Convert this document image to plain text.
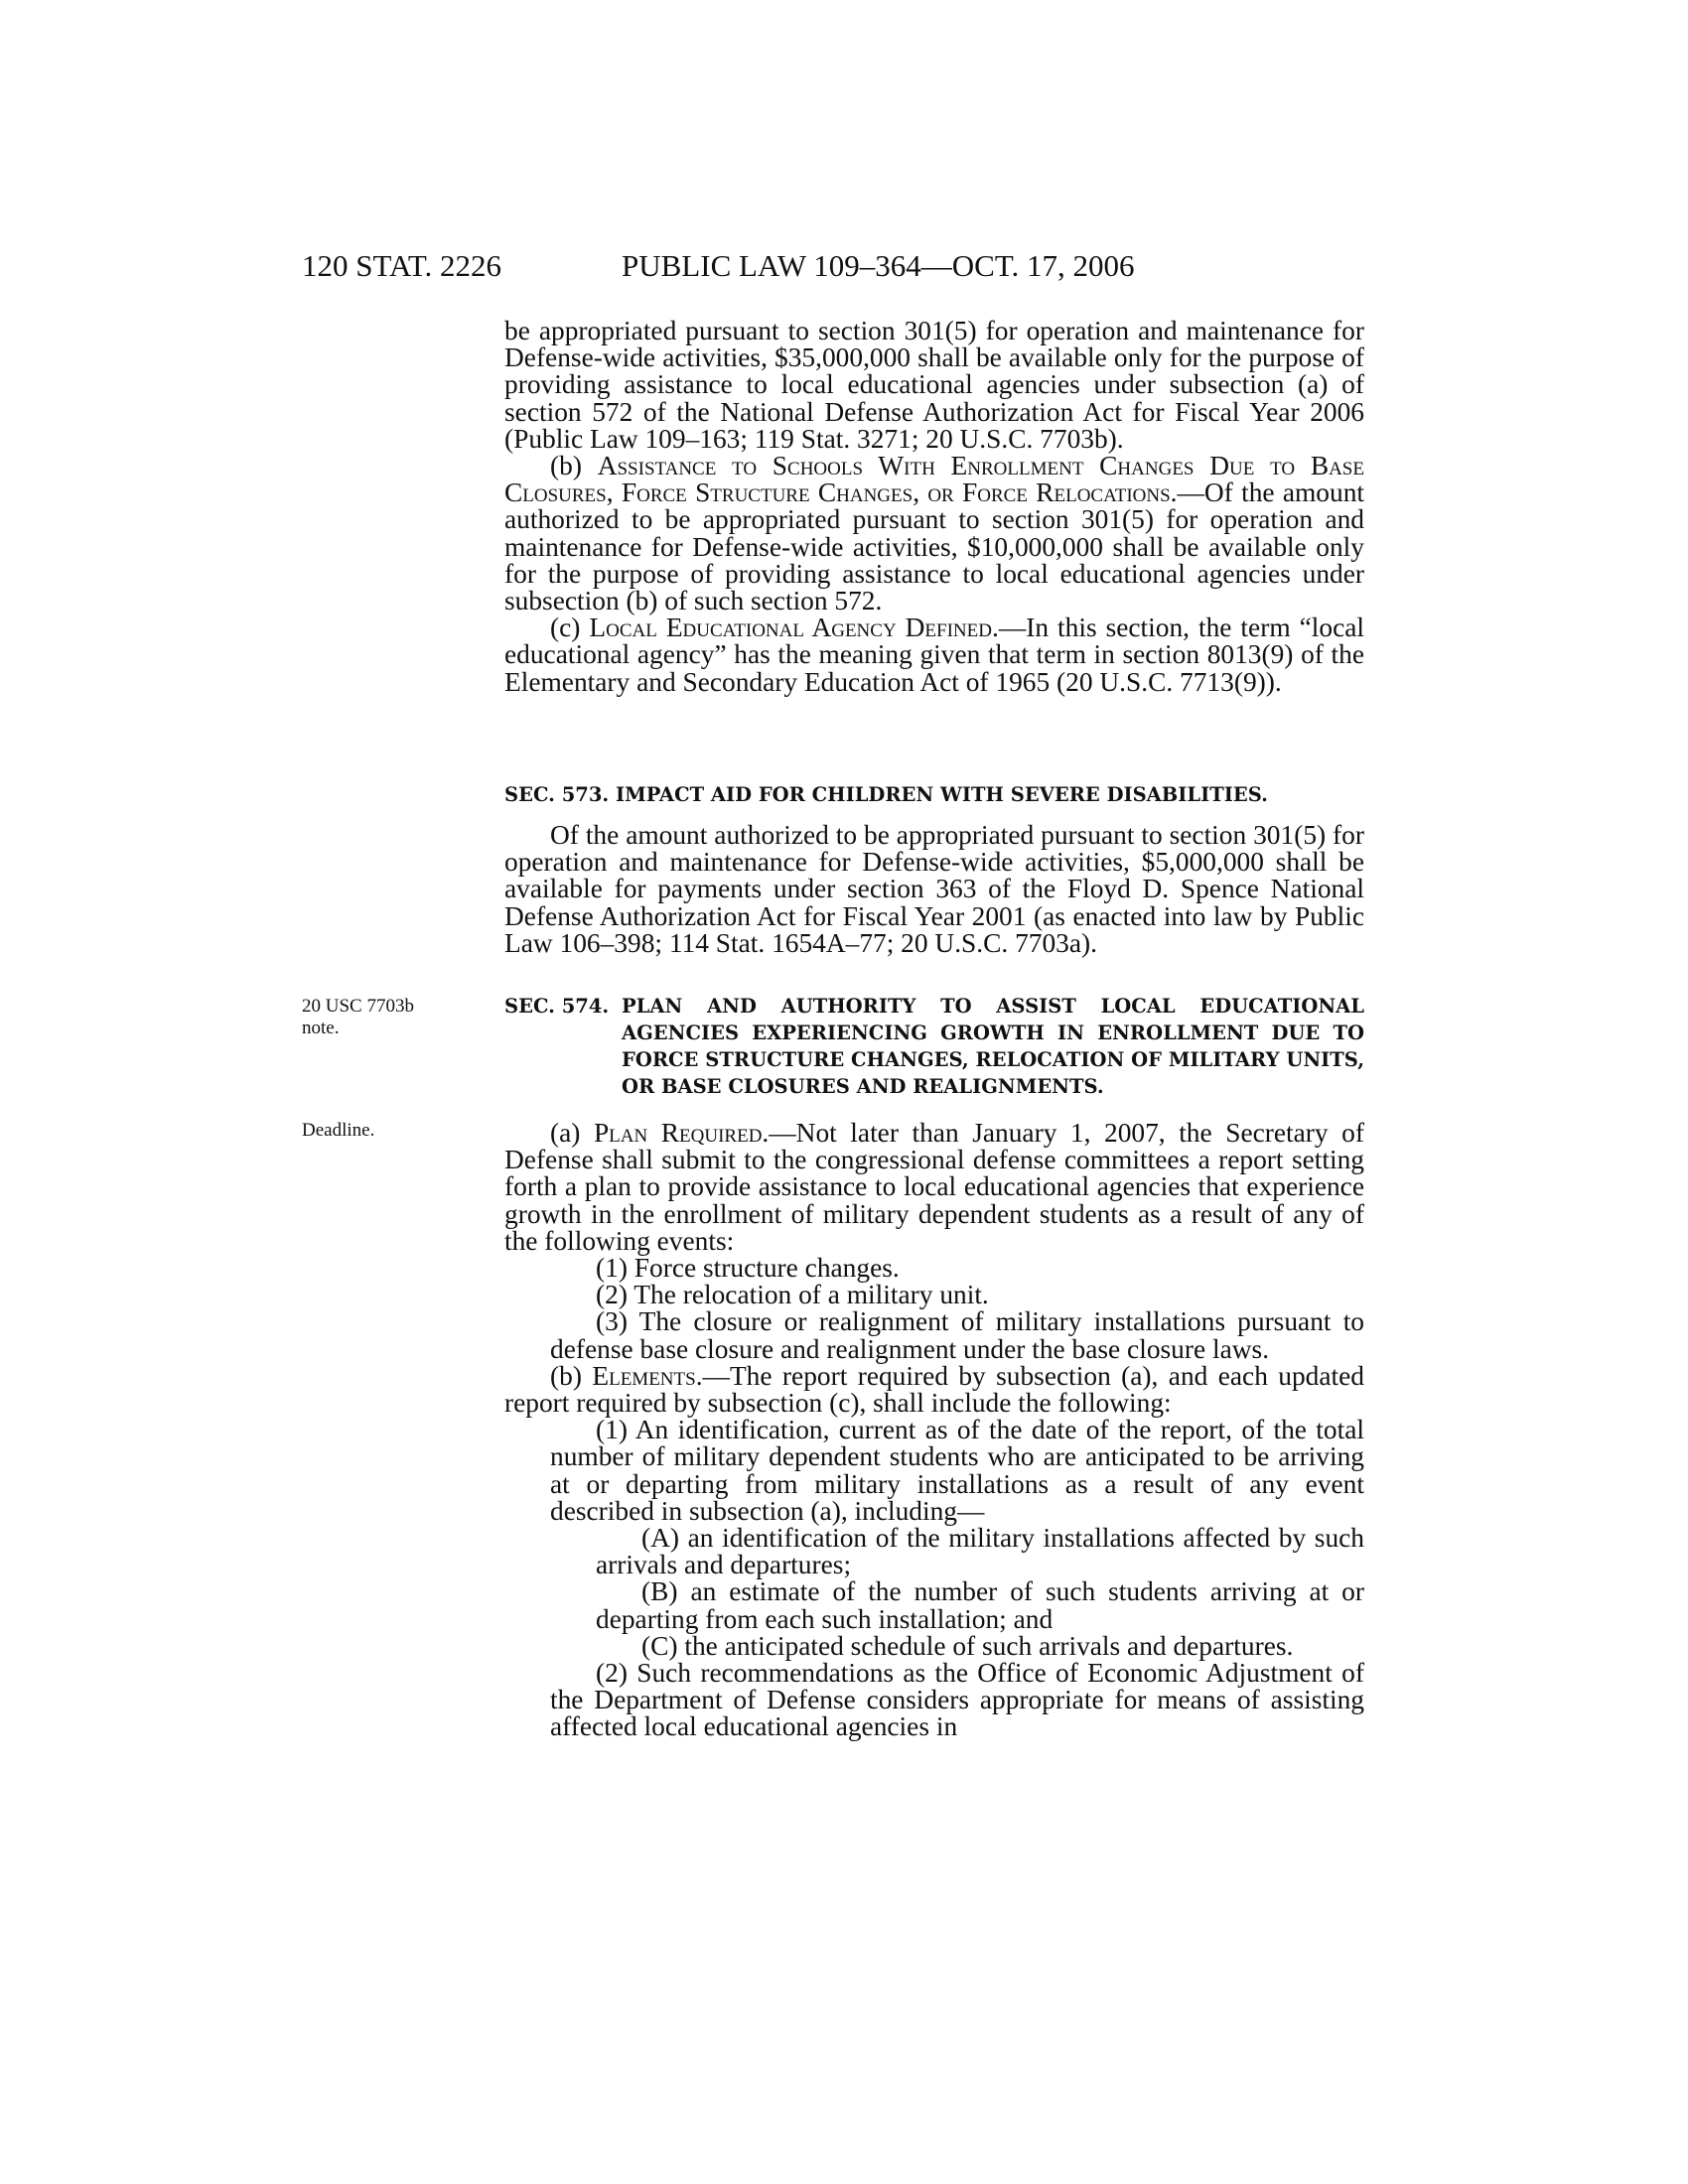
120 STAT. 2226	PUBLIC LAW 109–364—OCT. 17, 2006
20 USC 7703b
note.
Deadline.

be appropriated pursuant to section 301(5) for operation and maintenance for Defense-wide activities, $35,000,000 shall be available only for the purpose of providing assistance to local educational agencies under subsection (a) of section 572 of the National Defense Authorization Act for Fiscal Year 2006 (Public Law 109–163; 119 Stat. 3271; 20 U.S.C. 7703b).

(b) Assistance to Schools With Enrollment Changes Due to Base Closures, Force Structure Changes, or Force Relocations.—Of the amount authorized to be appropriated pursuant to section 301(5) for operation and maintenance for Defense-wide activities, $10,000,000 shall be available only for the purpose of providing assistance to local educational agencies under subsection (b) of such section 572.

(c) Local Educational Agency Defined.—In this section, the term “local educational agency” has the meaning given that term in section 8013(9) of the Elementary and Secondary Education Act of 1965 (20 U.S.C. 7713(9)).

SEC. 573. IMPACT AID FOR CHILDREN WITH SEVERE DISABILITIES.

Of the amount authorized to be appropriated pursuant to section 301(5) for operation and maintenance for Defense-wide activities, $5,000,000 shall be available for payments under section 363 of the Floyd D. Spence National Defense Authorization Act for Fiscal Year 2001 (as enacted into law by Public Law 106–398; 114 Stat. 1654A–77; 20 U.S.C. 7703a).

SEC. 574. PLAN AND AUTHORITY TO ASSIST LOCAL EDUCATIONAL AGENCIES EXPERIENCING GROWTH IN ENROLLMENT DUE TO FORCE STRUCTURE CHANGES, RELOCATION OF MILITARY UNITS, OR BASE CLOSURES AND REALIGNMENTS.

(a) Plan Required.—Not later than January 1, 2007, the Secretary of Defense shall submit to the congressional defense committees a report setting forth a plan to provide assistance to local educational agencies that experience growth in the enrollment of military dependent students as a result of any of the following events:

(1) Force structure changes.

(2) The relocation of a military unit.

(3) The closure or realignment of military installations pursuant to defense base closure and realignment under the base closure laws.

(b) Elements.—The report required by subsection (a), and each updated report required by subsection (c), shall include the following:

(1) An identification, current as of the date of the report, of the total number of military dependent students who are anticipated to be arriving at or departing from military installations as a result of any event described in subsection (a), including—

(A) an identification of the military installations affected by such arrivals and departures;

(B) an estimate of the number of such students arriving at or departing from each such installation; and

(C) the anticipated schedule of such arrivals and departures.

(2) Such recommendations as the Office of Economic Adjustment of the Department of Defense considers appropriate for means of assisting affected local educational agencies in
